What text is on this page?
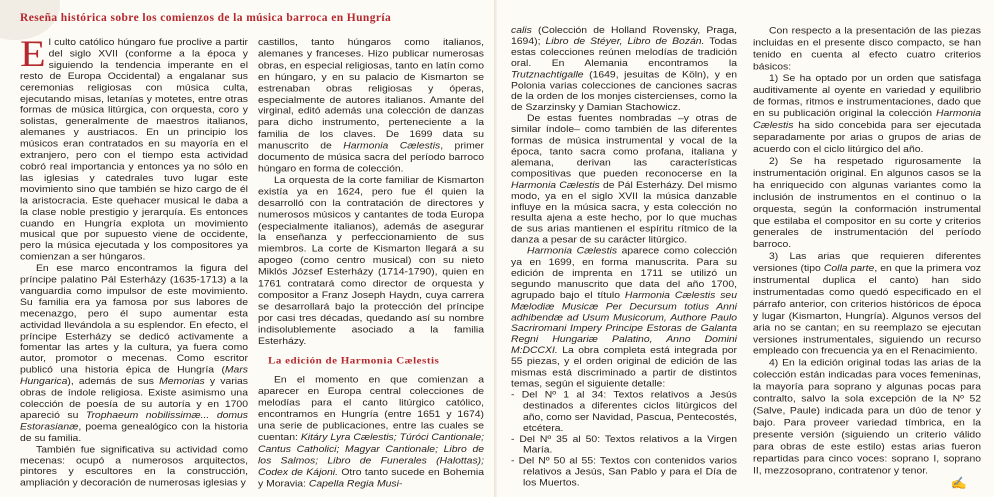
Reseña histórica sobre los comienzos de la música barroca en Hungría

El culto católico húngaro fue proclive a partir del siglo XVII (conforme a la época y siguiendo la tendencia imperante en el resto de Europa Occidental) a engalanar sus ceremonias religiosas con música culta, ejecutando misas, letanías y motetes, entre otras formas de música litúrgica, con orquesta, coro y solistas, generalmente de maestros italianos, alemanes y austriacos. En un principio los músicos eran contratados en su mayoría en el extranjero, pero con el tiempo esta actividad cobró real importancia y entonces ya no sólo en las iglesias y catedrales tuvo lugar este movimiento sino que también se hizo cargo de él la aristocracia. Este quehacer musical le daba a la clase noble prestigio y jerarquía. Es entonces cuando en Hungría explota un movimiento musical que por supuesto viene de occidente, pero la música ejecutada y los compositores ya comienzan a ser húngaros.

En ese marco encontramos la figura del príncipe palatino Pál Esterházy (1635-1713) a la vanguardia como impulsor de este movimiento. Su familia era ya famosa por sus labores de mecenazgo, pero él supo aumentar esta actividad llevándola a su esplendor. En efecto, el príncipe Esterházy se dedicó activamente a fomentar las artes y la cultura, ya fuera como autor, promotor o mecenas. Como escritor publicó una historia épica de Hungría (Mars Hungarica), además de sus Memorias y varias obras de índole religiosa. Existe asimismo una colección de poesía de su autoría y en 1700 apareció su Trophaeum nobilissimæ... domus Estorasianæ, poema genealógico con la historia de su familia.

También fue significativa su actividad como mecenas: ocupó a numerosos arquitectos, pintores y escultores en la construcción, ampliación y decoración de numerosas iglesias y

castillos, tanto húngaros como italianos, alemanes y franceses. Hizo publicar numerosas obras, en especial religiosas, tanto en latín como en húngaro, y en su palacio de Kismarton se estrenaban obras religiosas y óperas, especialmente de autores italianos. Amante del virginal, editó además una colección de danzas para dicho instrumento, perteneciente a la familia de los claves. De 1699 data su manuscrito de Harmonia Cælestis, primer documento de música sacra del período barroco húngaro en forma de colección.

La orquesta de la corte familiar de Kismarton existía ya en 1624, pero fue él quien la desarrolló con la contratación de directores y numerosos músicos y cantantes de toda Europa (especialmente italianos), además de asegurar la enseñanza y perfeccionamiento de sus miembros. La corte de Kismarton llegará a su apogeo (como centro musical) con su nieto Miklós József Esterházy (1714-1790), quien en 1761 contratará como director de orquesta y compositor a Franz Joseph Haydn, cuya carrera se desarrollará bajo la protección del príncipe por casi tres décadas, quedando así su nombre indisolublemente asociado a la familia Esterházy.

La edición de Harmonia Cælestis

En el momento en que comienzan a aparecer en Europa central colecciones de melodías para el canto litúrgico católico, encontramos en Hungría (entre 1651 y 1674) una serie de publicaciones, entre las cuales se cuentan: Kitáry Lyra Cælestis; Túróci Cantionale; Cantus Catholici; Magyar Cantionale; Libro de los Salmos; Libro de Funerales (Halottas); Codex de Kájoni. Otro tanto sucede en Bohemia y Moravia: Capella Regia Musi-

calis (Colección de Holland Rovensky, Praga, 1694); Libro de Stéyer, Libro de Bozán. Todas estas colecciones reúnen melodías de tradición oral. En Alemania encontramos la Trutznachtigalle (1649, jesuitas de Köln), y en Polonia varias colecciones de canciones sacras de la orden de los monjes cistercienses, como la de Szarzinsky y Damian Stachowicz.

De estas fuentes nombradas –y otras de similar índole– como también de las diferentes formas de música instrumental y vocal de la época, tanto sacra como profana, italiana y alemana, derivan las características compositivas que pueden reconocerse en la Harmonia Cælestis de Pál Esterházy. Del mismo modo, ya en el siglo XVII la música danzable influye en la música sacra, y esta colección no resulta ajena a este hecho, por lo que muchas de sus arias mantienen el espíritu rítmico de la danza a pesar de su carácter litúrgico.

Harmonia Cælestis aparece como colección ya en 1699, en forma manuscrita. Para su edición de imprenta en 1711 se utilizó un segundo manuscrito que data del año 1700, agrupado bajo el título Harmonia Cælestis seu Mælodiæ Musicæ Per Decursum totius Anni adhibendæ ad Usum Musicorum, Authore Paulo Sacriromani Impery Principe Estoras de Galanta Regni Hungariæ Palatino, Anno Domini M:DCCXI. La obra completa está integrada por 55 piezas, y el orden original de edición de las mismas está discriminado a partir de distintos temas, según el siguiente detalle:

- Del Nº 1 al 34: Textos relativos a Jesús destinados a diferentes ciclos litúrgicos del año, como ser Navidad, Pascua, Pentecostés, etcétera.
- Del Nº 35 al 50: Textos relativos a la Virgen María.
- Del Nº 50 al 55: Textos con contenidos varios relativos a Jesús, San Pablo y para el Día de los Muertos.

Con respecto a la presentación de las piezas incluidas en el presente disco compacto, se han tenido en cuenta al efecto cuatro criterios básicos:

1) Se ha optado por un orden que satisfaga auditivamente al oyente en variedad y equilibrio de formas, ritmos e instrumentaciones, dado que en su publicación original la colección Harmonia Cælestis ha sido concebida para ser ejecutada separadamente por arias o grupos de arias de acuerdo con el ciclo litúrgico del año.

2) Se ha respetado rigurosamente la instrumentación original. En algunos casos se la ha enriquecido con algunas variantes como la inclusión de instrumentos en el continuo o la orquesta, según la conformación instrumental que estilaba el compositor en su corte y criterios generales de instrumentación del período barroco.

3) Las arias que requieren diferentes versiones (tipo Colla parte, en que la primera voz instrumental duplica el canto) han sido instrumentadas como quedó especificado en el párrafo anterior, con criterios históricos de época y lugar (Kismarton, Hungría). Algunos versos del aria no se cantan; en su reemplazo se ejecutan versiones instrumentales, siguiendo un recurso empleado con frecuencia ya en el Renacimiento.

4) En la edición original todas las arias de la colección están indicadas para voces femeninas, la mayoría para soprano y algunas pocas para contralto, salvo la sola excepción de la Nº 52 (Salve, Paule) indicada para un dúo de tenor y bajo. Para proveer variedad tímbrica, en la presente versión (siguiendo un criterio válido para obras de este estilo) estas arias fueron repartidas para cinco voces: soprano I, soprano II, mezzosoprano, contratenor y tenor.

✍
